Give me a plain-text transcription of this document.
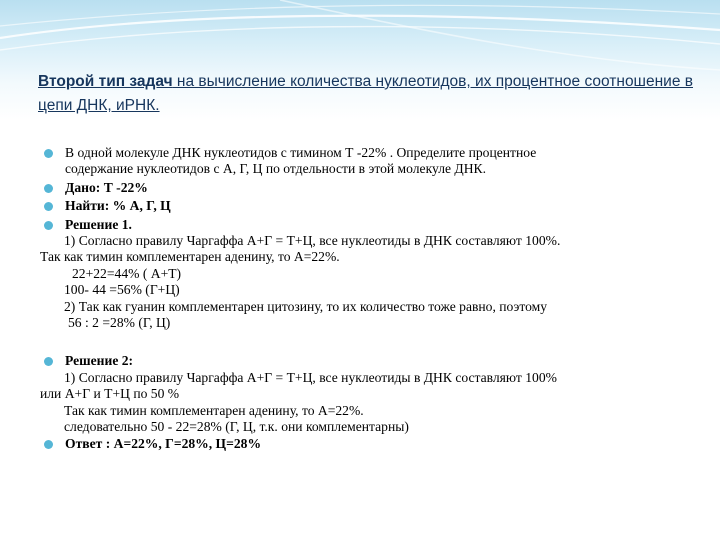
Второй тип задач на вычисление количества нуклеотидов, их процентное соотношение в цепи ДНК, иРНК.
В одной молекуле ДНК нуклеотидов с тимином Т -22% . Определите процентное
содержание нуклеотидов с А, Г, Ц по отдельности в этой молекуле ДНК.
Дано: Т -22%
Найти: % А, Г, Ц
Решение 1.
1) Согласно правилу Чаргаффа А+Г = Т+Ц, все нуклеотиды в ДНК составляют 100%.
Так как тимин комплементарен аденину, то А=22%.
22+22=44% ( А+Т)
100- 44 =56% (Г+Ц)
2) Так как гуанин комплементарен цитозину, то их количество тоже равно, поэтому
56 : 2 =28% (Г, Ц)
Решение 2:
1) Согласно правилу Чаргаффа А+Г = Т+Ц, все нуклеотиды в ДНК составляют 100%
или А+Г и Т+Ц по 50 %
Так как тимин комплементарен аденину, то А=22%.
следовательно 50 - 22=28% (Г, Ц, т.к. они комплементарны)
Ответ : А=22%, Г=28%, Ц=28%
